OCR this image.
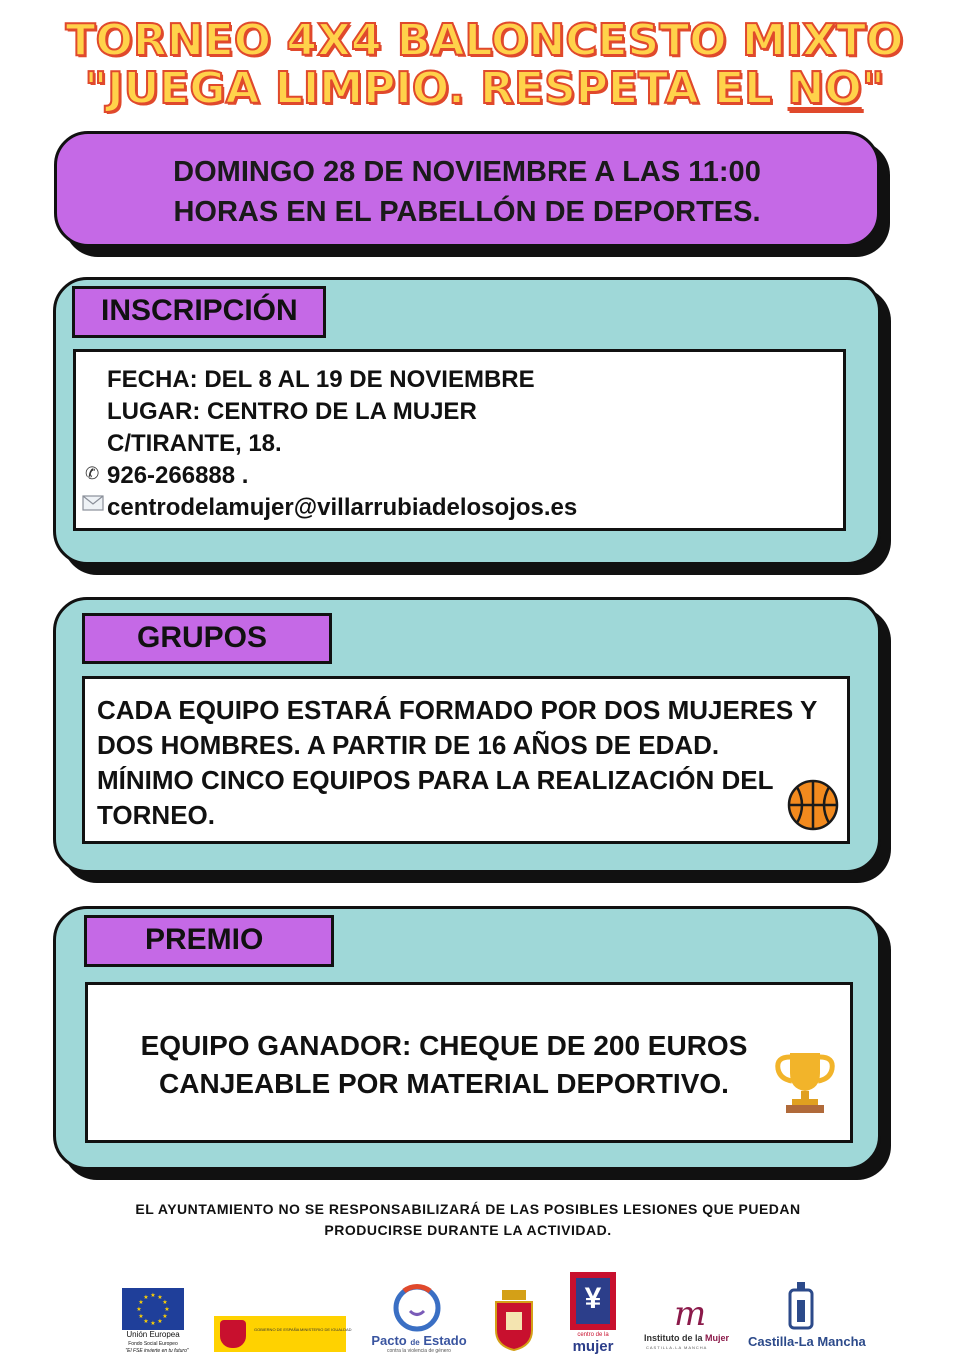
TORNEO 4X4 BALONCESTO MIXTO
"JUEGA LIMPIO. RESPETA EL NO"
DOMINGO 28 DE NOVIEMBRE A LAS 11:00
HORAS EN EL PABELLÓN DE DEPORTES.
INSCRIPCIÓN
FECHA: DEL 8 AL 19 DE NOVIEMBRE
LUGAR: CENTRO DE LA MUJER
C/TIRANTE, 18.
✆ 926-266888 .
centrodelamujer@villarrubiadelosojos.es
GRUPOS
CADA EQUIPO ESTARÁ FORMADO POR DOS MUJERES Y
DOS HOMBRES. A PARTIR DE 16 AÑOS DE EDAD.
MÍNIMO CINCO EQUIPOS PARA LA REALIZACIÓN DEL
TORNEO.
PREMIO
EQUIPO GANADOR: CHEQUE DE 200 EUROS
CANJEABLE POR MATERIAL DEPORTIVO.
EL AYUNTAMIENTO NO SE RESPONSABILIZARÁ DE LAS POSIBLES LESIONES QUE PUEDAN
PRODUCIRSE DURANTE LA ACTIVIDAD.
★ ★
★
★
★
★
★
★
★
★
★
★
Unión Europea
Fondo Social Europeo
"El FSE invierte en tu futuro"
GOBIERNO DE ESPAÑA MINISTERIO DE IGUALDAD
Pacto de Estado
contra la violencia de género
¥
centro de la
mujer
m
Instituto de la Mujer
CASTILLA-LA MANCHA	Castilla-La Mancha
